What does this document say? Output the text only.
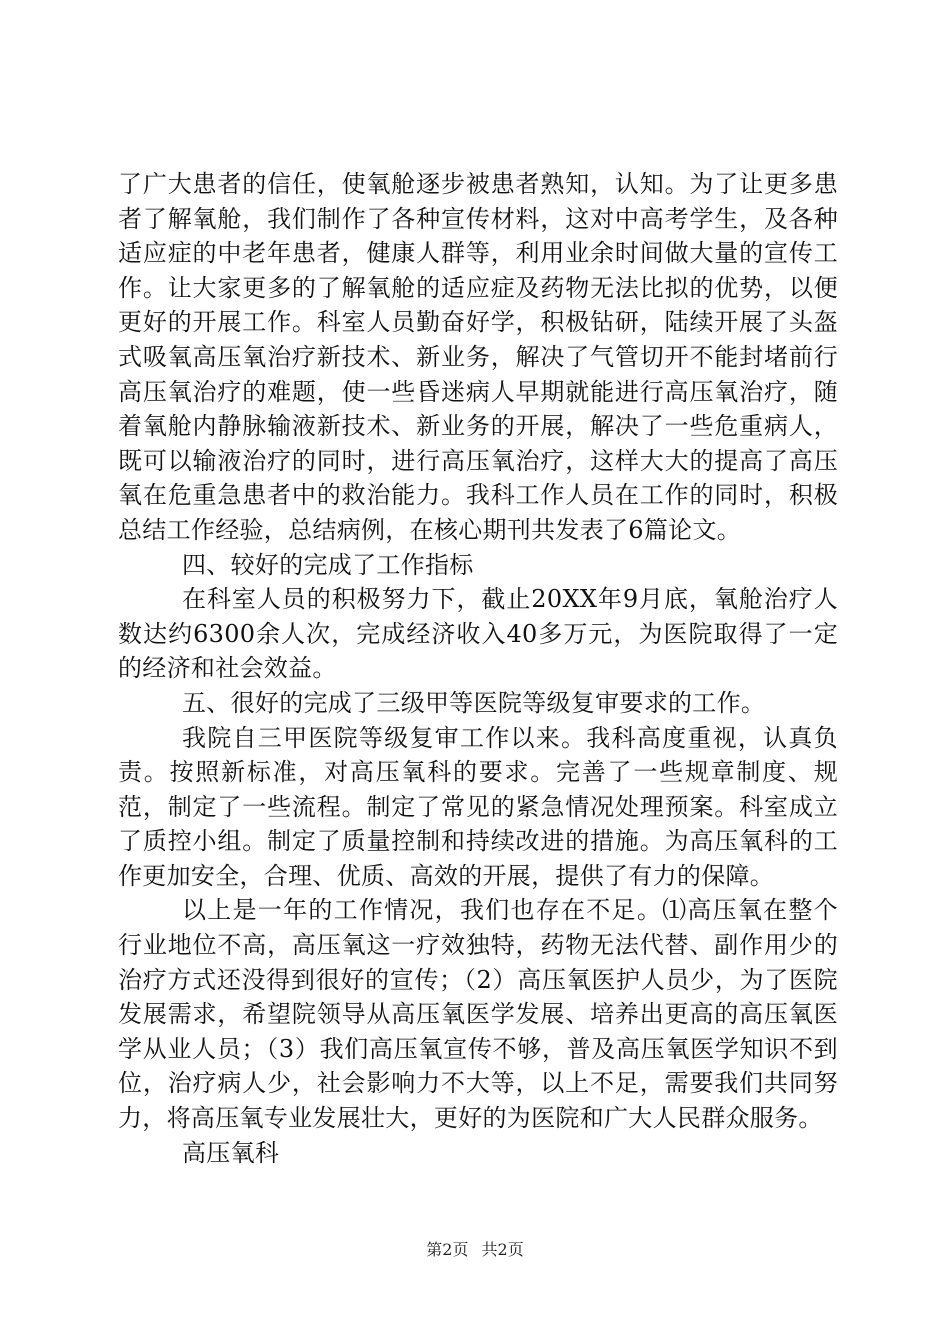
了广大患者的信任，使氧舱逐步被患者熟知，认知。为了让更多患者了解氧舱，我们制作了各种宣传材料，这对中高考学生，及各种适应症的中老年患者，健康人群等，利用业余时间做大量的宣传工作。让大家更多的了解氧舱的适应症及药物无法比拟的优势，以便更好的开展工作。科室人员勤奋好学，积极钻研，陆续开展了头盔式吸氧高压氧治疗新技术、新业务，解决了气管切开不能封堵前行高压氧治疗的难题，使一些昏迷病人早期就能进行高压氧治疗，随着氧舱内静脉输液新技术、新业务的开展，解决了一些危重病人，既可以输液治疗的同时，进行高压氧治疗，这样大大的提高了高压氧在危重急患者中的救治能力。我科工作人员在工作的同时，积极总结工作经验，总结病例，在核心期刊共发表了6篇论文。

四、较好的完成了工作指标

在科室人员的积极努力下，截止20XX年9月底，氧舱治疗人数达约6300余人次，完成经济收入40多万元，为医院取得了一定的经济和社会效益。

五、很好的完成了三级甲等医院等级复审要求的工作。

我院自三甲医院等级复审工作以来。我科高度重视，认真负责。按照新标准，对高压氧科的要求。完善了一些规章制度、规范，制定了一些流程。制定了常见的紧急情况处理预案。科室成立了质控小组。制定了质量控制和持续改进的措施。为高压氧科的工作更加安全，合理、优质、高效的开展，提供了有力的保障。

以上是一年的工作情况，我们也存在不足。⑴高压氧在整个行业地位不高，高压氧这一疗效独特，药物无法代替、副作用少的治疗方式还没得到很好的宣传；（2）高压氧医护人员少，为了医院发展需求，希望院领导从高压氧医学发展、培养出更高的高压氧医学从业人员；（3）我们高压氧宣传不够，普及高压氧医学知识不到位，治疗病人少，社会影响力不大等，以上不足，需要我们共同努力，将高压氧专业发展壮大，更好的为医院和广大人民群众服务。

高压氧科

第2页 共2页
